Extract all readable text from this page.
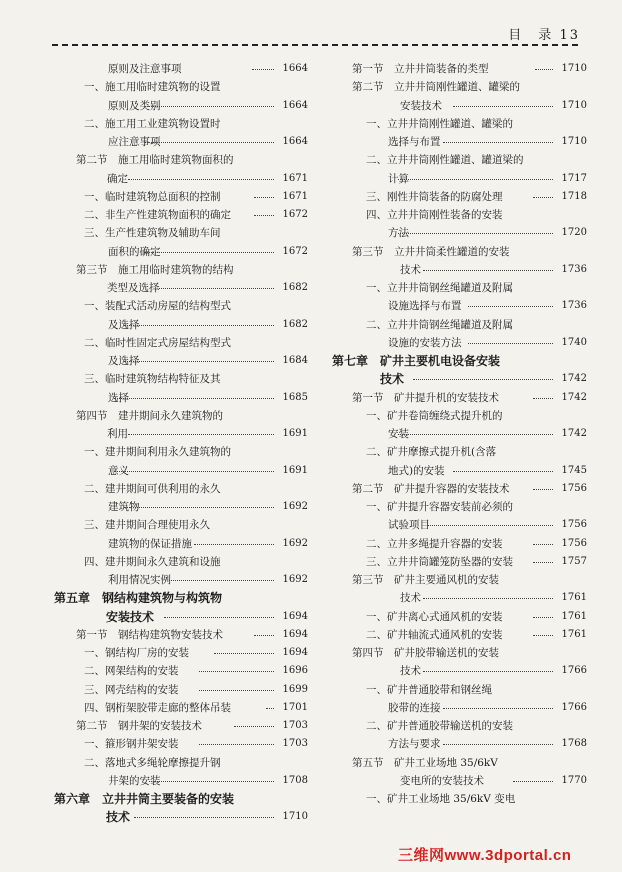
目　录 13
原则及注意事项	1664
一、施工用临时建筑物的设置
原则及类别	1664
二、施工用工业建筑物设置时
应注意事项	1664
第二节　施工用临时建筑物面积的
确定	1671
一、临时建筑物总面积的控制	1671
二、非生产性建筑物面积的确定	1672
三、生产性建筑物及辅助车间
面积的确定	1672
第三节　施工用临时建筑物的结构
类型及选择	1682
一、装配式活动房屋的结构型式
及选择	1682
二、临时性固定式房屋结构型式
及选择	1684
三、临时建筑物结构特征及其
选择	1685
第四节　建井期间永久建筑物的
利用	1691
一、建井期间利用永久建筑物的
意义	1691
二、建井期间可供利用的永久
建筑物	1692
三、建井期间合理使用永久
建筑物的保证措施	1692
四、建井期间永久建筑和设施
利用情况实例	1692
第五章　钢结构建筑物与构筑物
安装技术	1694
第一节　钢结构建筑物安装技术	1694
一、钢结构厂房的安装	1694
二、网架结构的安装	1696
三、网壳结构的安装	1699
四、钢桁架胶带走廊的整体吊装	1701
第二节　钢井架的安装技术	1703
一、箍形钢井架安装	1703
二、落地式多绳轮摩擦提升钢
井架的安装	1708
第六章　立井井筒主要装备的安装
技术	1710
第一节　立井井筒装备的类型	1710
第二节　立井井筒刚性罐道、罐梁的
安装技术	1710
一、立井井筒刚性罐道、罐梁的
选择与布置	1710
二、立井井筒刚性罐道、罐道梁的
计算	1717
三、刚性井筒装备的防腐处理	1718
四、立井井筒刚性装备的安装
方法	1720
第三节　立井井筒柔性罐道的安装
技术	1736
一、立井井筒钢丝绳罐道及附属
设施选择与布置	1736
二、立井井筒钢丝绳罐道及附属
设施的安装方法	1740
第七章　矿井主要机电设备安装
技术	1742
第一节　矿井提升机的安装技术	1742
一、矿井卷筒缠绕式提升机的
安装	1742
二、矿井摩擦式提升机(含落
地式)的安装	1745
第二节　矿井提升容器的安装技术	1756
一、矿井提升容器安装前必须的
试验项目	1756
二、立井多绳提升容器的安装	1756
三、立井井筒罐笼防坠器的安装	1757
第三节　矿井主要通风机的安装
技术	1761
一、矿井离心式通风机的安装	1761
二、矿井轴流式通风机的安装	1761
第四节　矿井胶带输送机的安装
技术	1766
一、矿井普通胶带和钢丝绳
胶带的连接	1766
二、矿井普通胶带输送机的安装
方法与要求	1768
第五节　矿井工业场地 35/6kV
变电所的安装技术	1770
一、矿井工业场地 35/6kV 变电
三维网www.3dportal.cn
